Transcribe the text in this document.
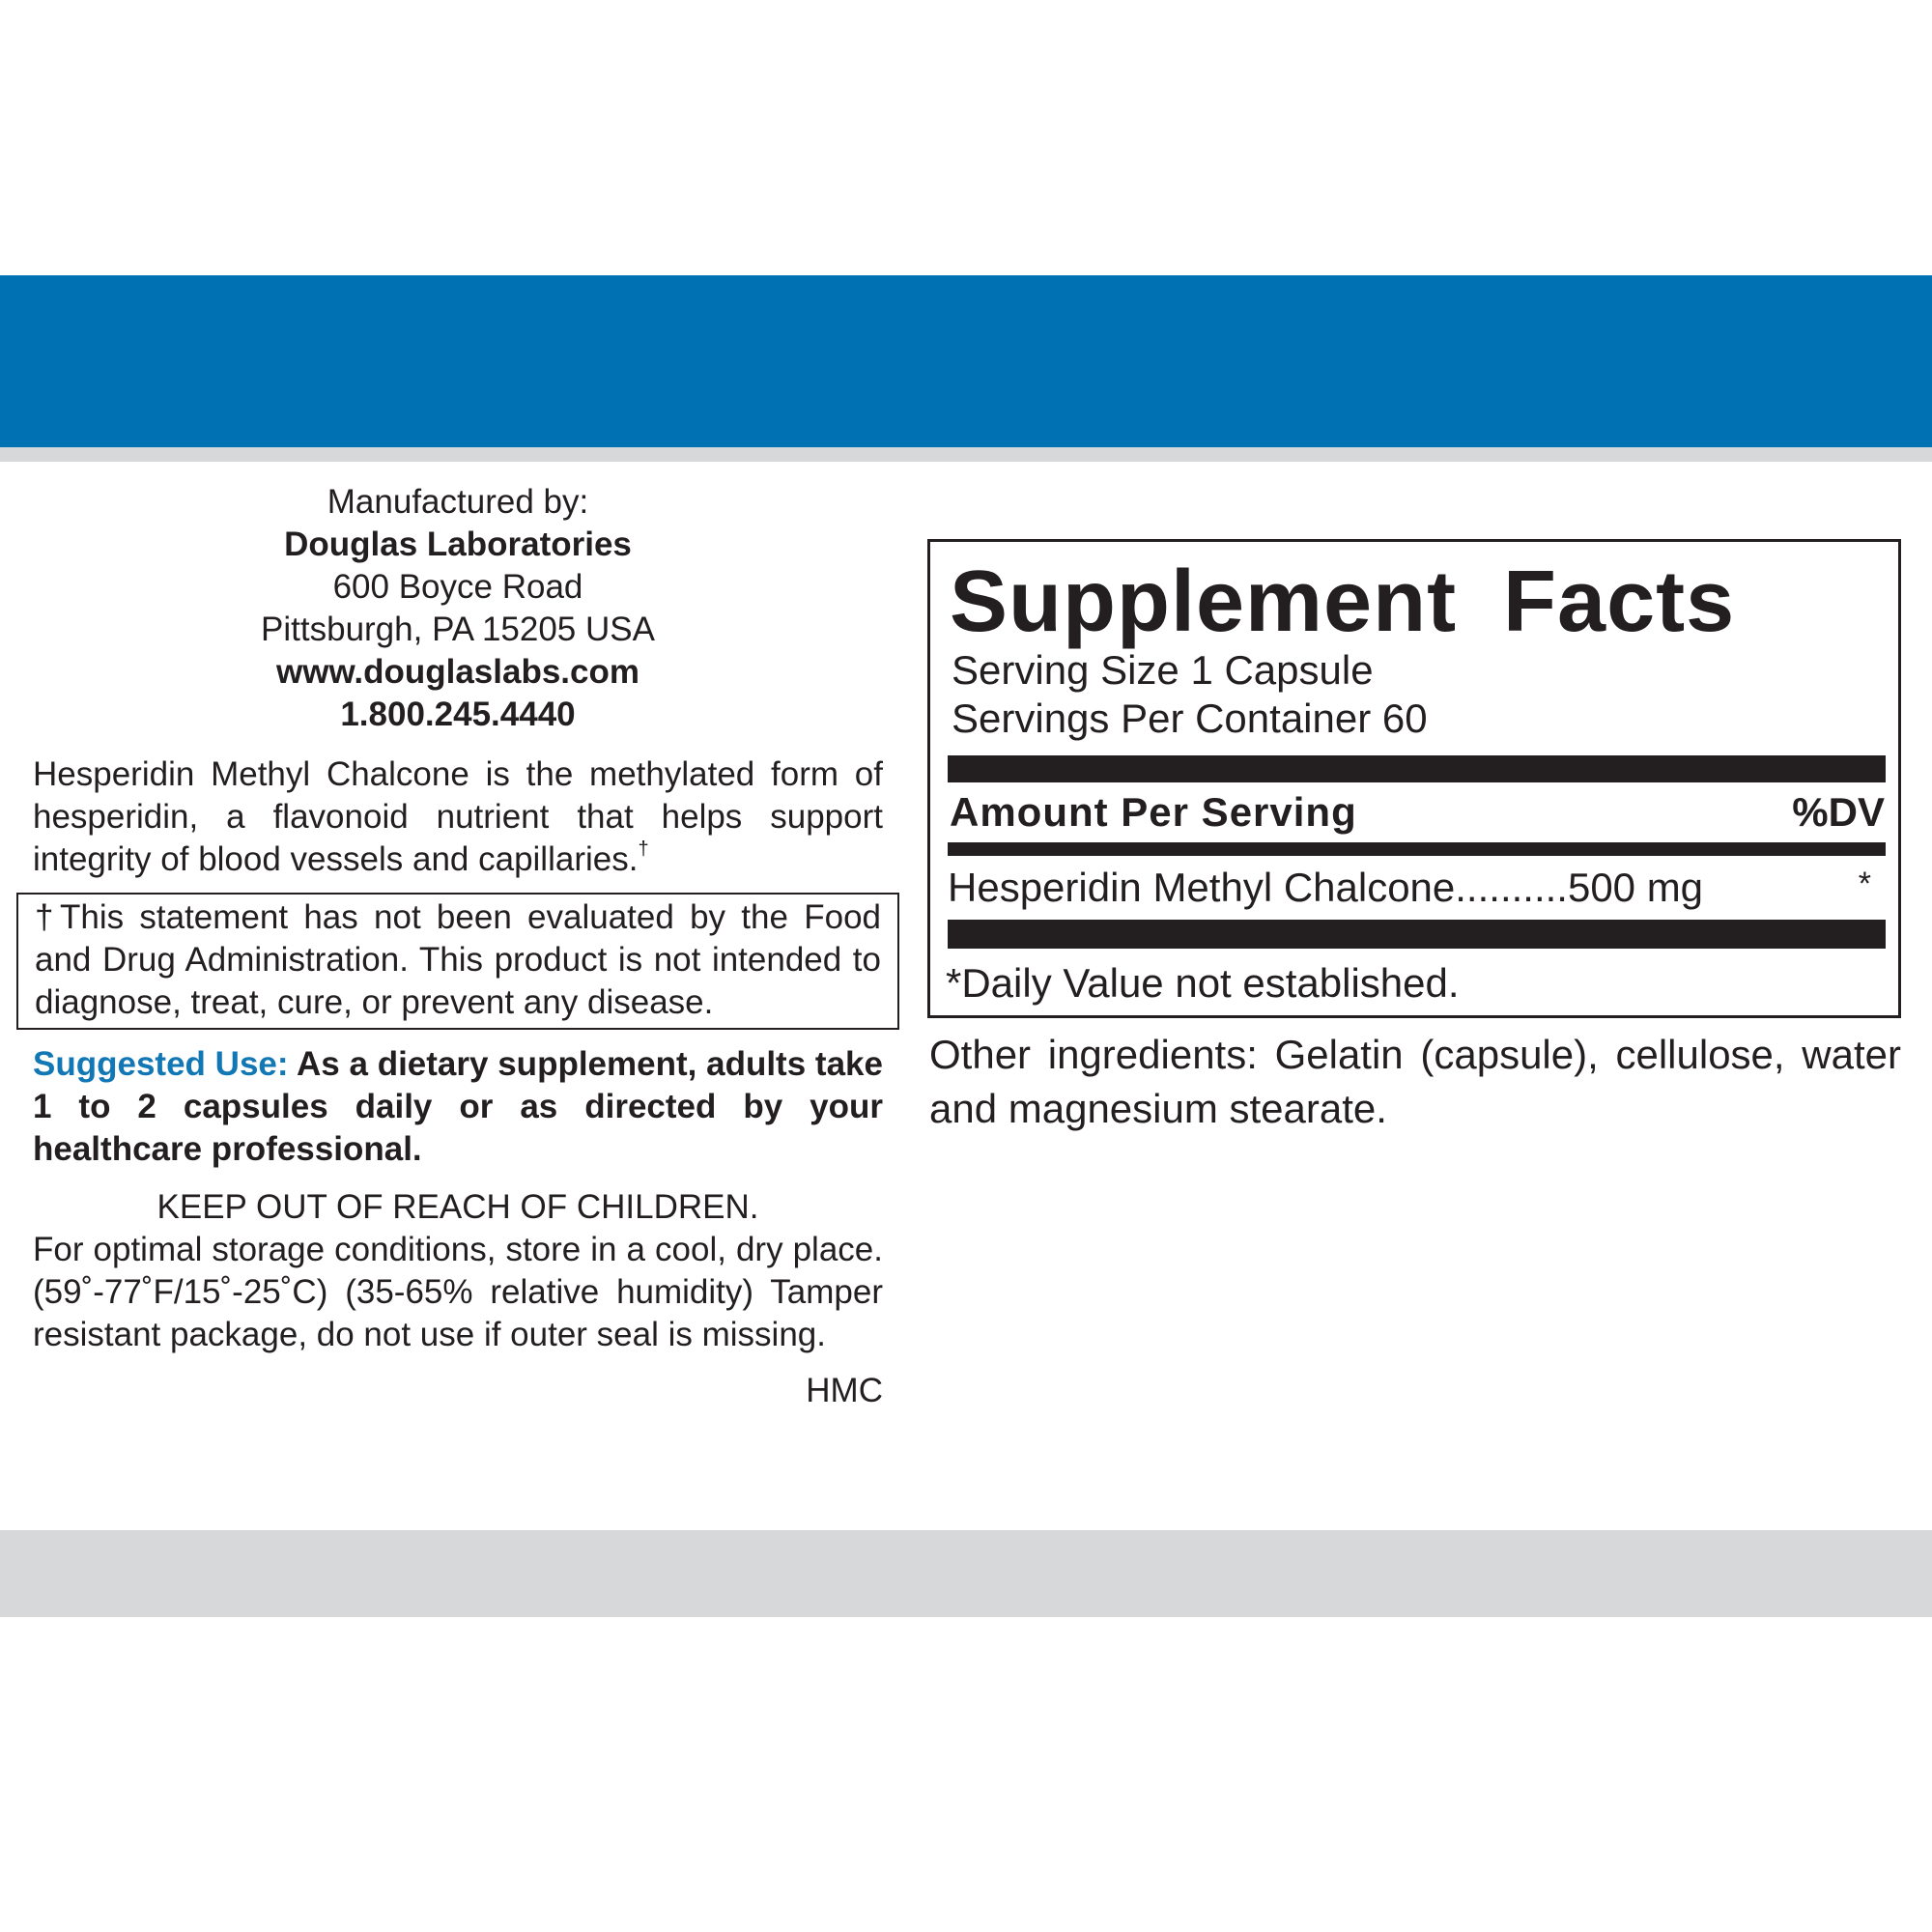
Manufactured by:
Douglas Laboratories
600 Boyce Road
Pittsburgh, PA 15205 USA
www.douglaslabs.com
1.800.245.4440

Hesperidin Methyl Chalcone is the methylated form of hesperidin, a flavonoid nutrient that helps support integrity of blood vessels and capillaries.†

†This statement has not been evaluated by the Food and Drug Administration. This product is not intended to diagnose, treat, cure, or prevent any disease.
Suggested Use: As a dietary supplement, adults take 1 to 2 capsules daily or as directed by your healthcare professional.
KEEP OUT OF REACH OF CHILDREN.
For optimal storage conditions, store in a cool, dry place. (59˚-77˚F/15˚-25˚C) (35-65% relative humidity) Tamper resistant package, do not use if outer seal is missing.
HMC
Supplement Facts
Serving Size 1 Capsule
Servings Per Container 60
Amount Per Serving	%DV
Hesperidin Methyl Chalcone..........500 mg	*
*Daily Value not established.
Other ingredients: Gelatin (capsule), cellulose, water and magnesium stearate.
